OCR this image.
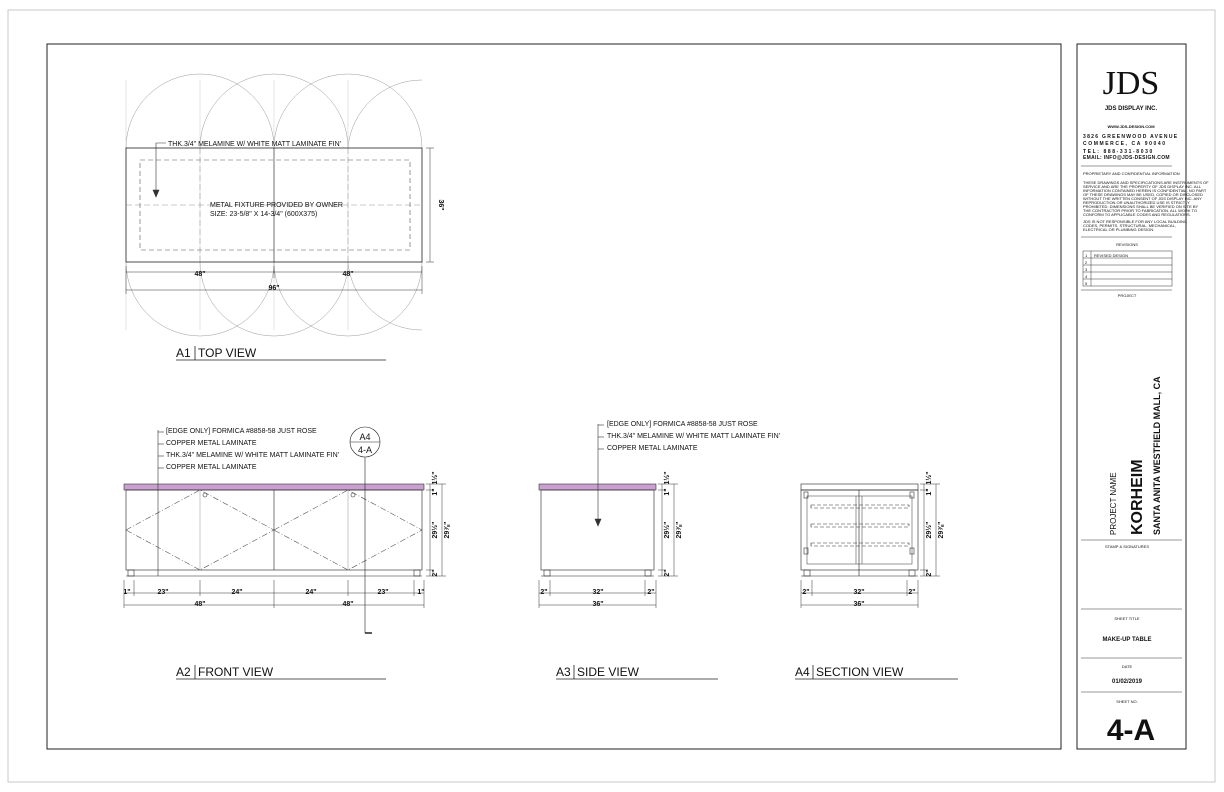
THK.3/4" MELAMINE W/ WHITE MATT LAMINATE FIN'
METAL FIXTURE PROVIDED BY OWNER
SIZE: 23-5/8" X 14-3/4" (600X375)
48"	48"
96"
36"
A1 TOP VIEW
[EDGE ONLY] FORMICA #8858-58 JUST ROSE
COPPER METAL LAMINATE
THK.3/4" MELAMINE W/ WHITE MATT LAMINATE FIN'
COPPER METAL LAMINATE
A4
4-A
1"	23"	24"	24"	23"	1"
48"	48"
1"
1½"
29½" 29⅞"
2"
A2 FRONT VIEW
[EDGE ONLY] FORMICA #8858-58 JUST ROSE
THK.3/4" MELAMINE W/ WHITE MATT LAMINATE FIN'
COPPER METAL LAMINATE
2"	32"	2"
36"
1"
1½"
29½" 29⅞"
2"
A3 SIDE VIEW
2"	32"	2"
36"
1"
1½"
29½" 29⅞"
2"
A4 SECTION VIEW
JDS
JDS DISPLAY INC.
WWW.JDS-DESIGN.COM
3826 GREENWOOD AVENUE
COMMERCE, CA 90040
TEL: 888-331-8030
EMAIL: INFO@JDS-DESIGN.COM
PROPRIETARY AND CONFIDENTIAL INFORMATION
THESE DRAWINGS AND SPECIFICATIONS ARE INSTRUMENTS OF
SERVICE AND ARE THE PROPERTY OF JDS DISPLAY INC. ALL
INFORMATION CONTAINED HEREIN IS CONFIDENTIAL. NO PART
OF THESE DRAWINGS MAY BE USED, COPIED OR DISCLOSED
WITHOUT THE WRITTEN CONSENT OF JDS DISPLAY INC. ANY
REPRODUCTION OR UNAUTHORIZED USE IS STRICTLY
PROHIBITED. DIMENSIONS SHALL BE VERIFIED ON SITE BY
THE CONTRACTOR PRIOR TO FABRICATION. ALL WORK TO
CONFORM TO APPLICABLE CODES AND REGULATIONS.
JDS IS NOT RESPONSIBLE FOR ANY LOCAL BUILDING
CODES, PERMITS, STRUCTURAL, MECHANICAL,
ELECTRICAL OR PLUMBING DESIGN.
REVISIONS
1 REVISED DESIGN
2
3
4
5
PROJECT
PROJECT NAME KORHEIM SANTA ANITA WESTFIELD MALL, CA
STAMP & SIGNATURES
SHEET TITLE
MAKE-UP TABLE
DATE
01/02/2019
SHEET NO.
4-A
